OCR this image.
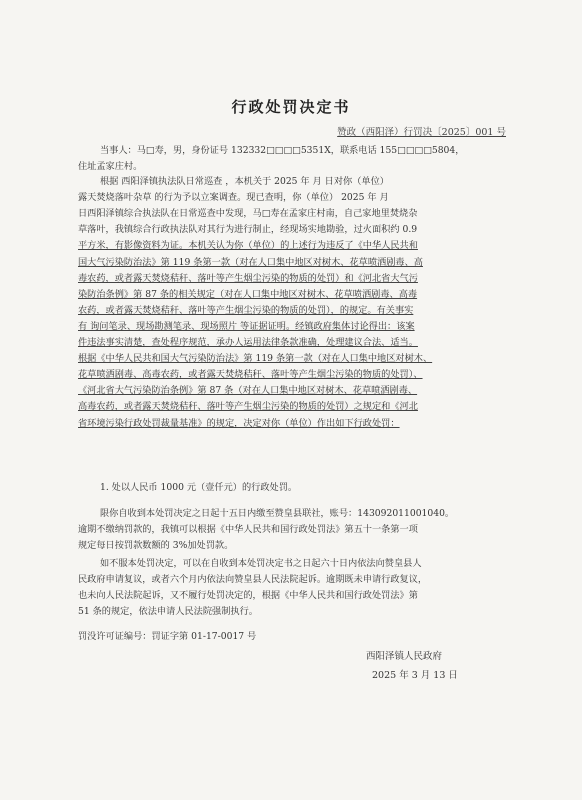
行政处罚决定书
赞政（西阳泽）行罚决〔2025〕001 号
当事人：马□寿，男，身份证号 132332□□□□5351X，联系电话 155□□□□5804，
住址孟家庄村。
根据 西阳泽镇执法队日常巡查 ，本机关于 2025 年 月 日对你（单位）
露天焚烧落叶杂草 的行为予以立案调查。现已查明，你（单位） 2025 年 月
日西阳泽镇综合执法队在日常巡查中发现，马□寿在孟家庄村南，自己家地里焚烧杂
草落叶，我镇综合行政执法队对其行为进行制止，经现场实地勘验，过火面积约 0.9
平方米，有影像资料为证。本机关认为你（单位）的上述行为违反了《中华人民共和
国大气污染防治法》第 119 条第一款（对在人口集中地区对树木、花草喷洒剧毒、高
毒农药，或者露天焚烧秸秆、落叶等产生烟尘污染的物质的处罚）和《河北省大气污
染防治条例》第 87 条的相关规定（对在人口集中地区对树木、花草喷洒剧毒、高毒
农药，或者露天焚烧秸秆、落叶等产生烟尘污染的物质的处罚），的规定。有关事实
有 询问笔录、现场勘测笔录、现场照片 等证据证明。经镇政府集体讨论得出：该案
件违法事实清楚，查处程序规范，承办人运用法律条款准确，处理建议合法、适当。
根据《中华人民共和国大气污染防治法》第 119 条第一款（对在人口集中地区对树木、
花草喷洒剧毒、高毒农药，或者露天焚烧秸秆、落叶等产生烟尘污染的物质的处罚）、
《河北省大气污染防治条例》第 87 条（对在人口集中地区对树木、花草喷洒剧毒、
高毒农药，或者露天焚烧秸秆、落叶等产生烟尘污染的物质的处罚）之规定和《河北
省环境污染行政处罚裁量基准》的规定，决定对你（单位）作出如下行政处罚：
1. 处以人民币 1000 元（壹仟元）的行政处罚。
限你自收到本处罚决定之日起十五日内缴至赞皇县联社，账号：143092011001040。
逾期不缴纳罚款的，我镇可以根据《中华人民共和国行政处罚法》第五十一条第一项
规定每日按罚款数额的 3%加处罚款。
如不服本处罚决定，可以在自收到本处罚决定书之日起六十日内依法向赞皇县人
民政府申请复议，或者六个月内依法向赞皇县人民法院起诉。逾期既未申请行政复议，
也未向人民法院起诉，又不履行处罚决定的，根据《中华人民共和国行政处罚法》第
51 条的规定，依法申请人民法院强制执行。
罚没许可证编号：罚证字第 01-17-0017 号
西阳泽镇人民政府
2025 年 3 月 13 日
